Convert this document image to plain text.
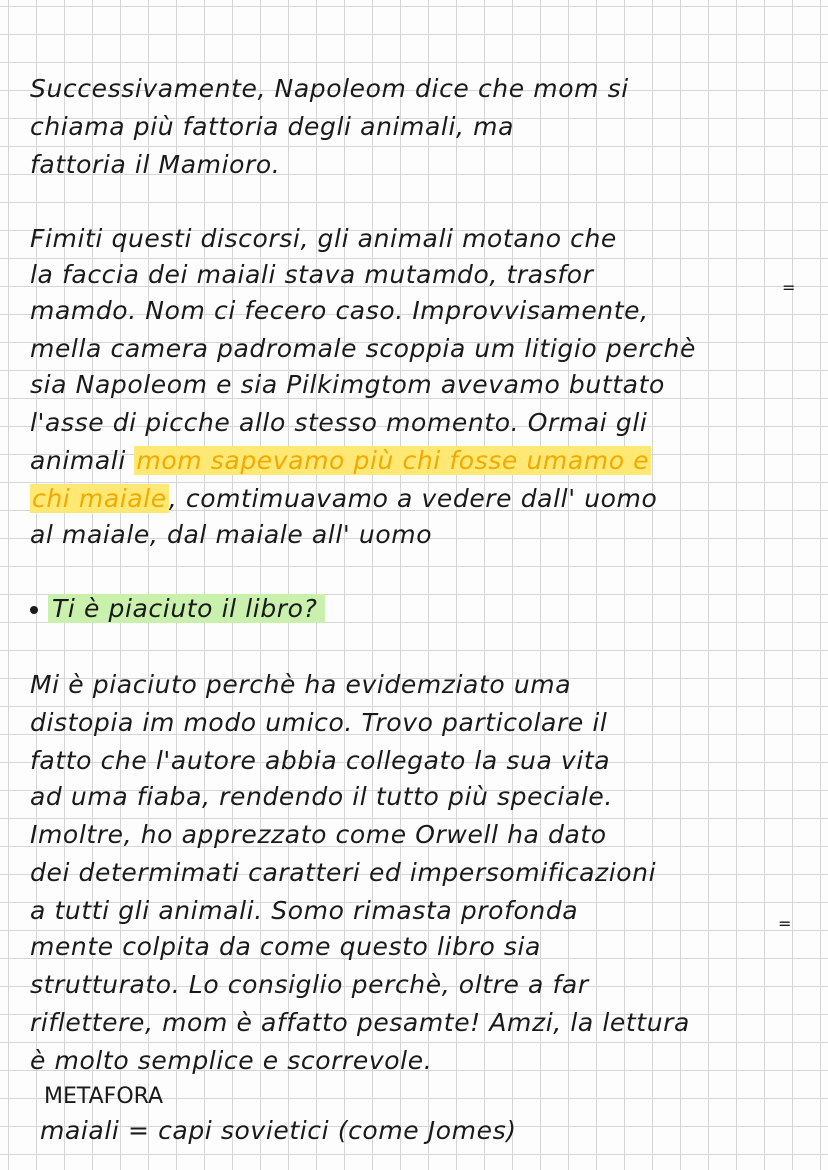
Successivamente, Napoleom dice che mom si
chiama più fattoria degli animali, ma
fattoria il Mamioro.
Fimiti questi discorsi, gli animali motano che
la faccia dei maiali stava mutamdo, trasfor	=
mamdo. Nom ci fecero caso. Improvvisamente,
mella camera padromale scoppia um litigio perchè
sia Napoleom e sia Pilkimgtom avevamo buttato
l'asse di picche allo stesso momento. Ormai gli
animali mom sapevamo più chi fosse umamo e
chi maiale, comtimuavamo a vedere dall' uomo
al maiale, dal maiale all' uomo
Ti è piaciuto il libro?
Mi è piaciuto perchè ha evidemziato uma
distopia im modo umico. Trovo particolare il
fatto che l'autore abbia collegato la sua vita
ad uma fiaba, rendendo il tutto più speciale.
Imoltre, ho apprezzato come Orwell ha dato
dei determimati caratteri ed impersomificazioni
a tutti gli animali. Somo rimasta profonda	=
mente colpita da come questo libro sia
strutturato. Lo consiglio perchè, oltre a far
riflettere, mom è affatto pesamte! Amzi, la lettura
è molto semplice e scorrevole.
METAFORA
maiali = capi sovietici (come Jomes)
